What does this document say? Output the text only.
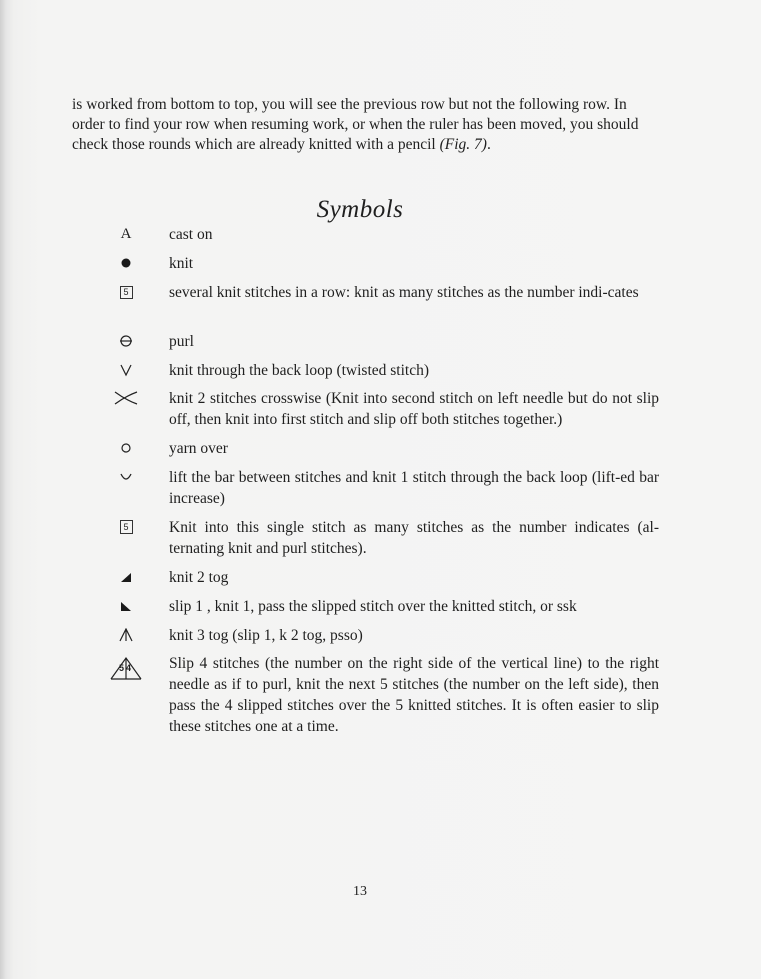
is worked from bottom to top, you will see the previous row but not the following row. In order to find your row when resuming work, or when the ruler has been moved, you should check those rounds which are already knitted with a pencil (Fig. 7).

Symbols
A cast on

knit

5	several knit stitches in a row: knit as many stitches as the number indi-cates

purl

knit through the back loop (twisted stitch)

knit 2 stitches crosswise (Knit into second stitch on left needle but do not slip off, then knit into first stitch and slip off both stitches together.)

yarn over

lift the bar between stitches and knit 1 stitch through the back loop (lift-ed bar increase)

5	Knit into this single stitch as many stitches as the number indicates (al-ternating knit and purl stitches).

knit 2 tog

slip 1 , knit 1, pass the slipped stitch over the knitted stitch, or ssk

knit 3 tog (slip 1, k 2 tog, psso)

54	Slip 4 stitches (the number on the right side of the vertical line) to the right needle as if to purl, knit the next 5 stitches (the number on the left side), then pass the 4 slipped stitches over the 5 knitted stitches. It is often easier to slip these stitches one at a time.

13
